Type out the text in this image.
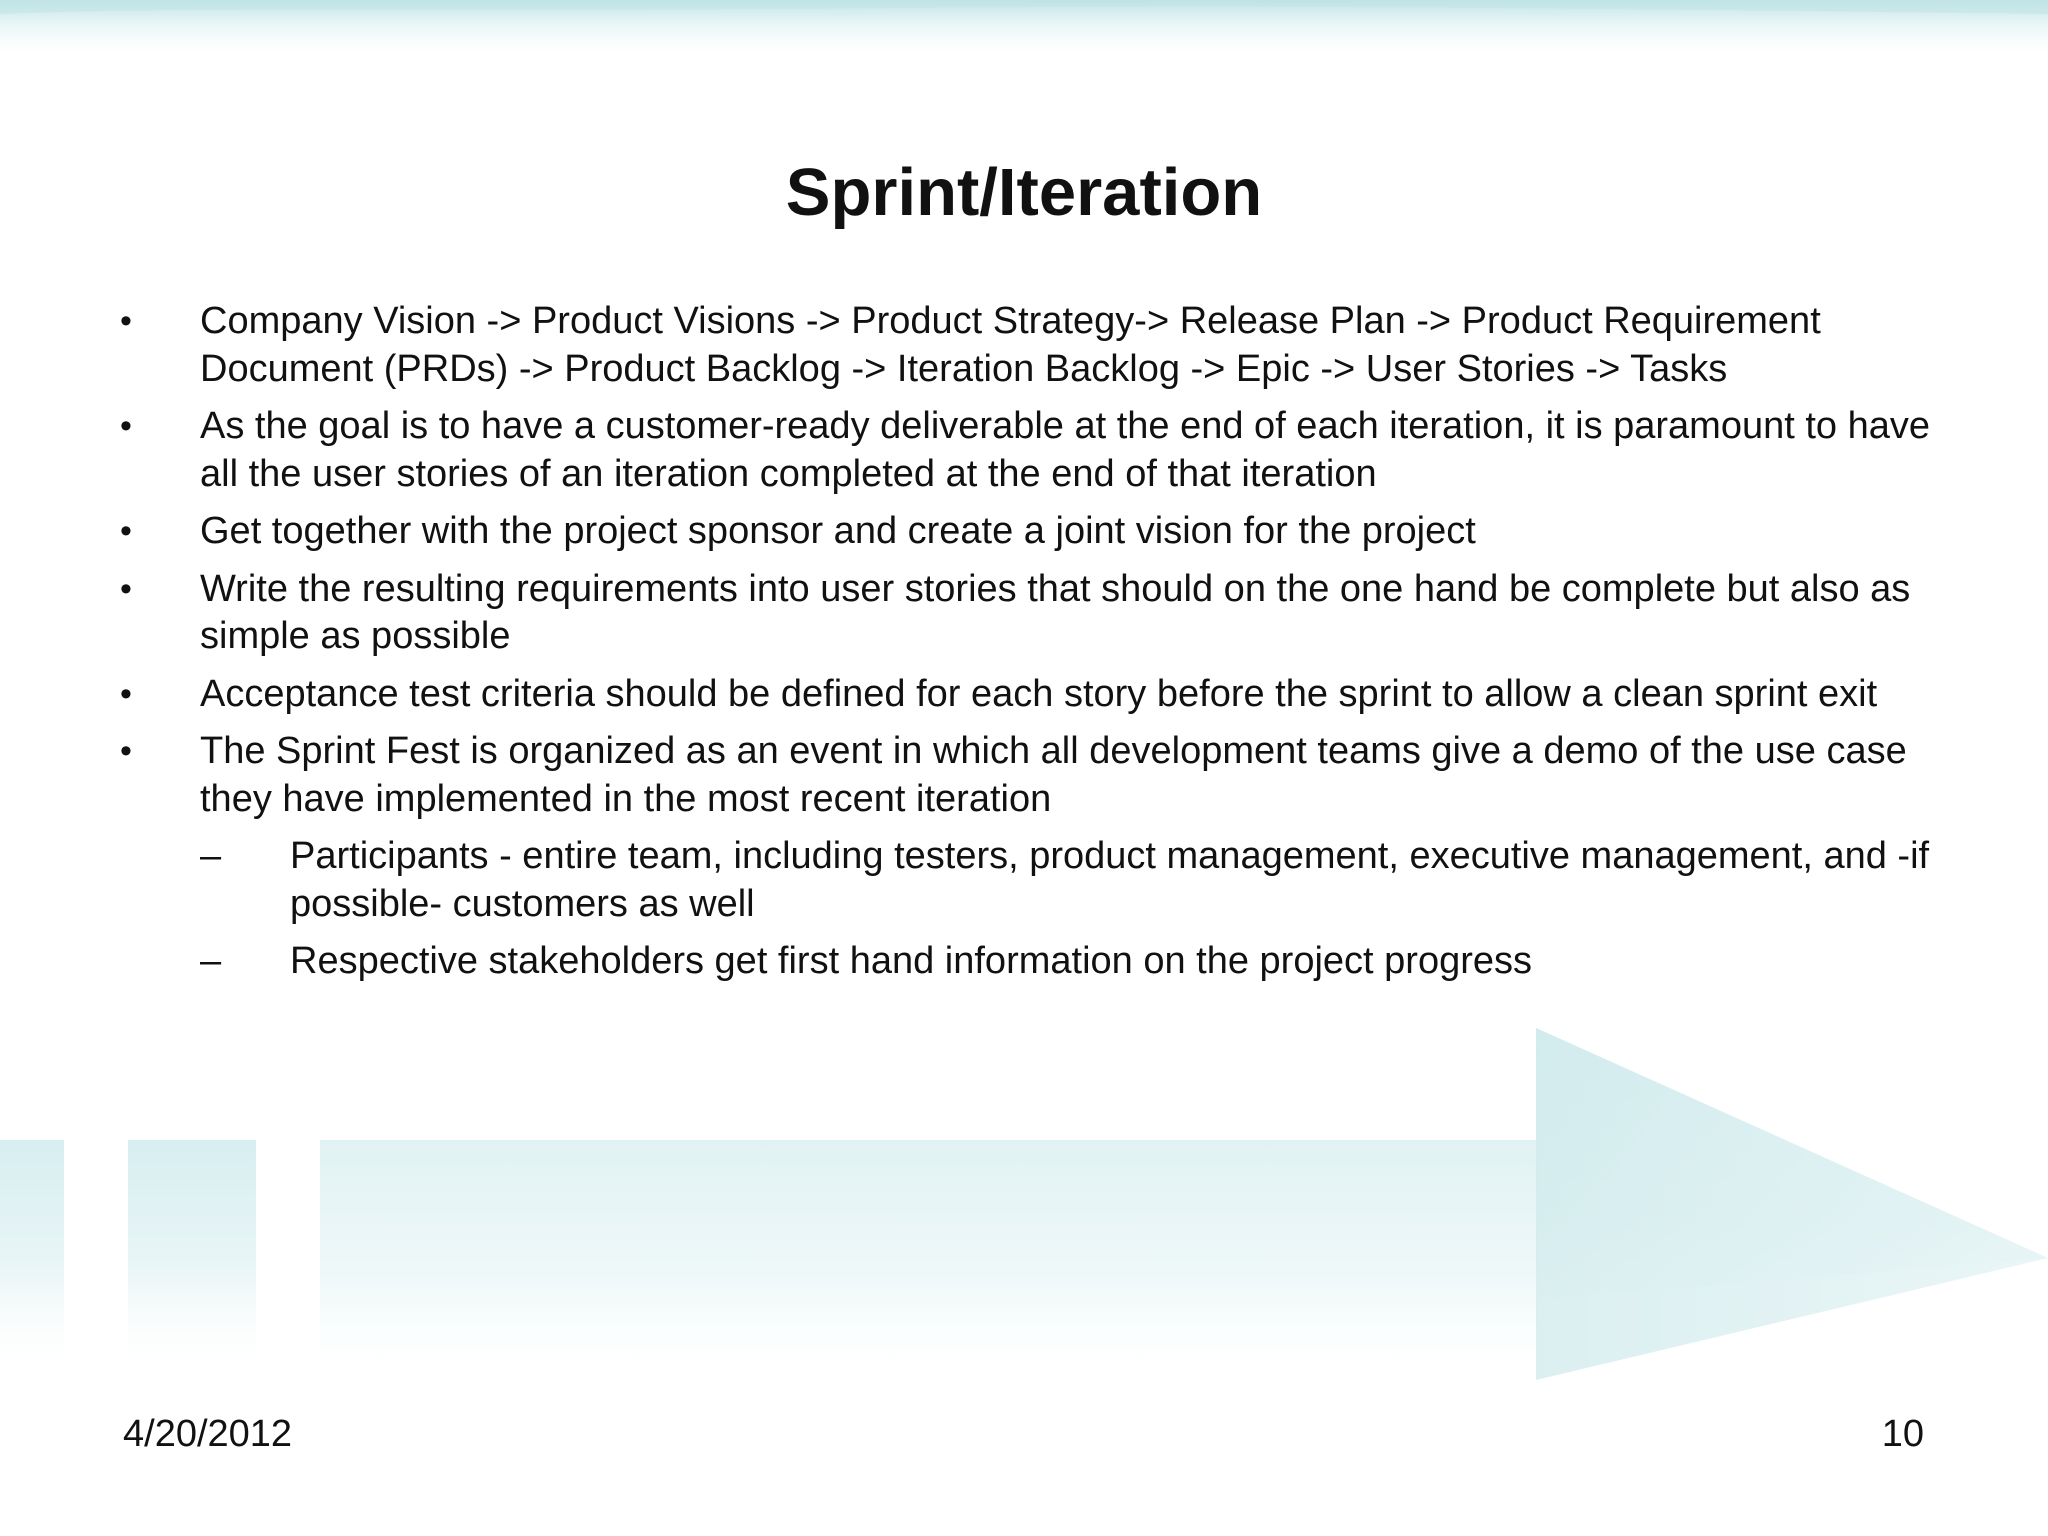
Sprint/Iteration
•	Company Vision -> Product Visions -> Product Strategy-> Release Plan -> Product Requirement Document (PRDs) -> Product Backlog -> Iteration Backlog -> Epic -> User Stories -> Tasks
•	As the goal is to have a customer-ready deliverable at the end of each iteration, it is paramount to have all the user stories of an iteration completed at the end of that iteration
•	Get together with the project sponsor and create a joint vision for the project
•	Write the resulting requirements into user stories that should on the one hand be complete but also as simple as possible
•	Acceptance test criteria should be defined for each story before the sprint to allow a clean sprint exit
•	The Sprint Fest is organized as an event in which all development teams give a demo of the use case they have implemented in the most recent iteration
–	Participants - entire team, including testers, product management, executive management, and -if possible- customers as well
–	Respective stakeholders get first hand information on the project progress
4/20/2012	10
